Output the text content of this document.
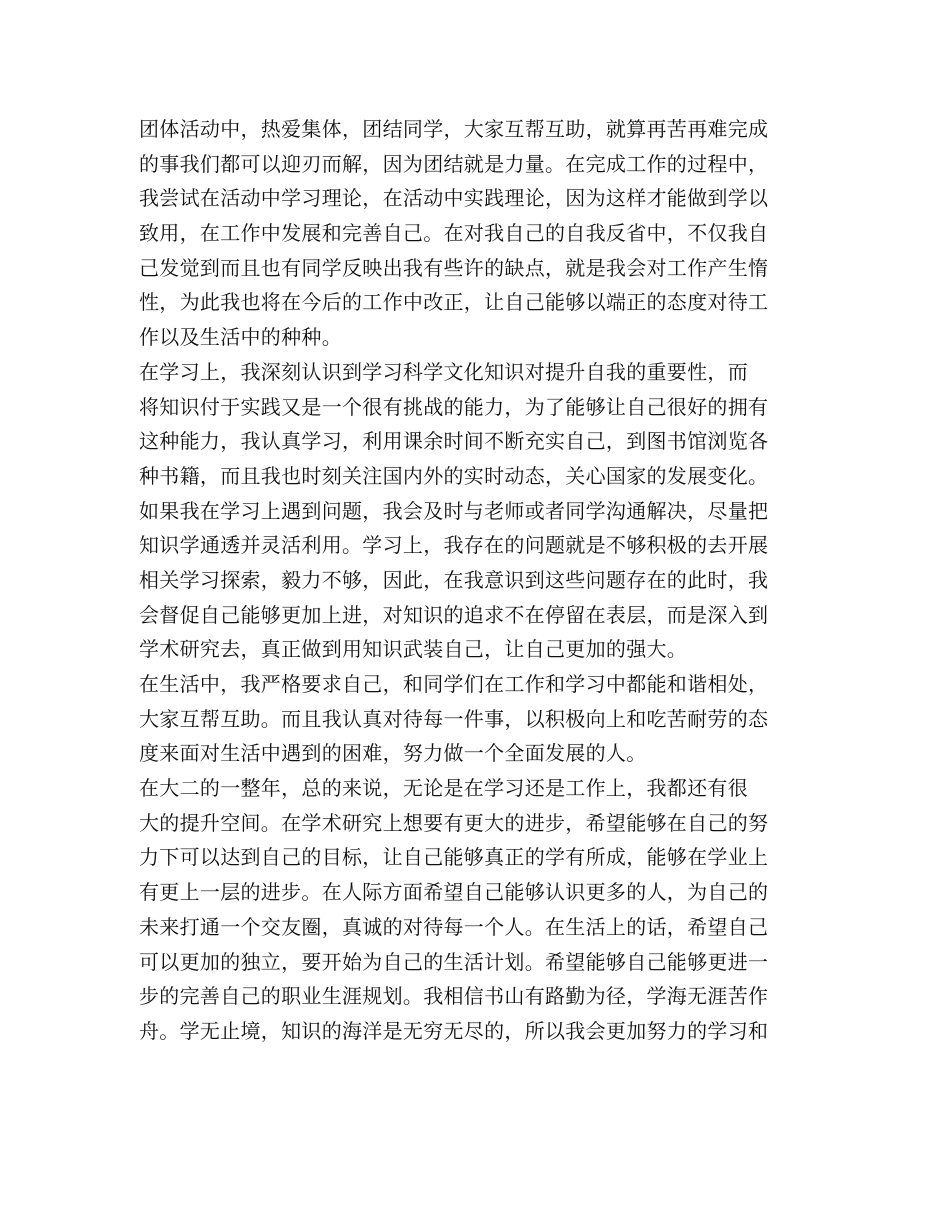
团体活动中，热爱集体，团结同学，大家互帮互助，就算再苦再难完成
的事我们都可以迎刃而解，因为团结就是力量。在完成工作的过程中，
我尝试在活动中学习理论，在活动中实践理论，因为这样才能做到学以
致用，在工作中发展和完善自己。在对我自己的自我反省中，不仅我自
己发觉到而且也有同学反映出我有些许的缺点，就是我会对工作产生惰
性，为此我也将在今后的工作中改正，让自己能够以端正的态度对待工
作以及生活中的种种。
在学习上，我深刻认识到学习科学文化知识对提升自我的重要性，而
将知识付于实践又是一个很有挑战的能力，为了能够让自己很好的拥有
这种能力，我认真学习，利用课余时间不断充实自己，到图书馆浏览各
种书籍，而且我也时刻关注国内外的实时动态，关心国家的发展变化。
如果我在学习上遇到问题，我会及时与老师或者同学沟通解决，尽量把
知识学通透并灵活利用。学习上，我存在的问题就是不够积极的去开展
相关学习探索，毅力不够，因此，在我意识到这些问题存在的此时，我
会督促自己能够更加上进，对知识的追求不在停留在表层，而是深入到
学术研究去，真正做到用知识武装自己，让自己更加的强大。
在生活中，我严格要求自己，和同学们在工作和学习中都能和谐相处，
大家互帮互助。而且我认真对待每一件事，以积极向上和吃苦耐劳的态
度来面对生活中遇到的困难，努力做一个全面发展的人。
在大二的一整年，总的来说，无论是在学习还是工作上，我都还有很
大的提升空间。在学术研究上想要有更大的进步，希望能够在自己的努
力下可以达到自己的目标，让自己能够真正的学有所成，能够在学业上
有更上一层的进步。在人际方面希望自己能够认识更多的人，为自己的
未来打通一个交友圈，真诚的对待每一个人。在生活上的话，希望自己
可以更加的独立，要开始为自己的生活计划。希望能够自己能够更进一
步的完善自己的职业生涯规划。我相信书山有路勤为径，学海无涯苦作
舟。学无止境，知识的海洋是无穷无尽的，所以我会更加努力的学习和
